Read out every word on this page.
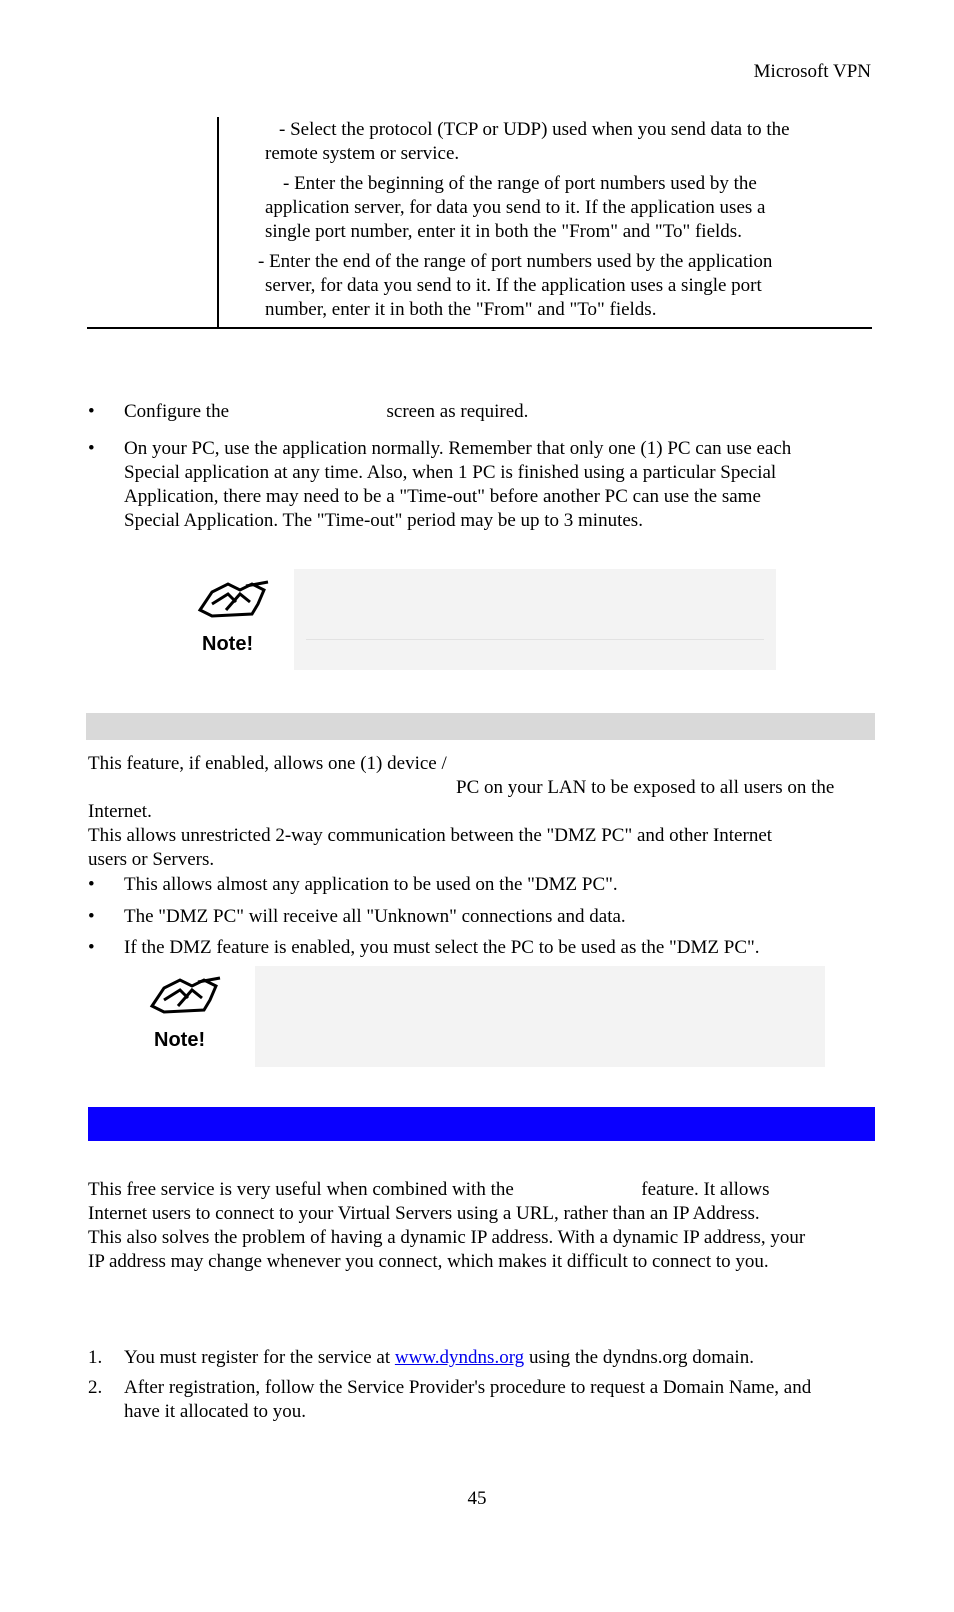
Microsoft VPN
- Select the protocol (TCP or UDP) used when you send data to the
remote system or service.
- Enter the beginning of the range of port numbers used by the
application server, for data you send to it. If the application uses a
single port number, enter it in both the "From" and "To" fields.
- Enter the end of the range of port numbers used by the application
server, for data you send to it. If the application uses a single port
number, enter it in both the "From" and "To" fields.
• Configure the	screen as required.
• On your PC, use the application normally. Remember that only one (1) PC can use each
Special application at any time. Also, when 1 PC is finished using a particular Special
Application, there may need to be a "Time-out" before another PC can use the same
Special Application. The "Time-out" period may be up to 3 minutes.
Note!
This feature, if enabled, allows one (1) device /
PC on your LAN to be exposed to all users on the
Internet.
This allows unrestricted 2-way communication between the "DMZ PC" and other Internet
users or Servers.
• This allows almost any application to be used on the "DMZ PC".
• The "DMZ PC" will receive all "Unknown" connections and data.
• If the DMZ feature is enabled, you must select the PC to be used as the "DMZ PC".
Note!
This free service is very useful when combined with the	feature. It allows
Internet users to connect to your Virtual Servers using a URL, rather than an IP Address.
This also solves the problem of having a dynamic IP address. With a dynamic IP address, your
IP address may change whenever you connect, which makes it difficult to connect to you.
1. You must register for the service at www.dyndns.org using the dyndns.org domain.
2. After registration, follow the Service Provider's procedure to request a Domain Name, and
have it allocated to you.
45
